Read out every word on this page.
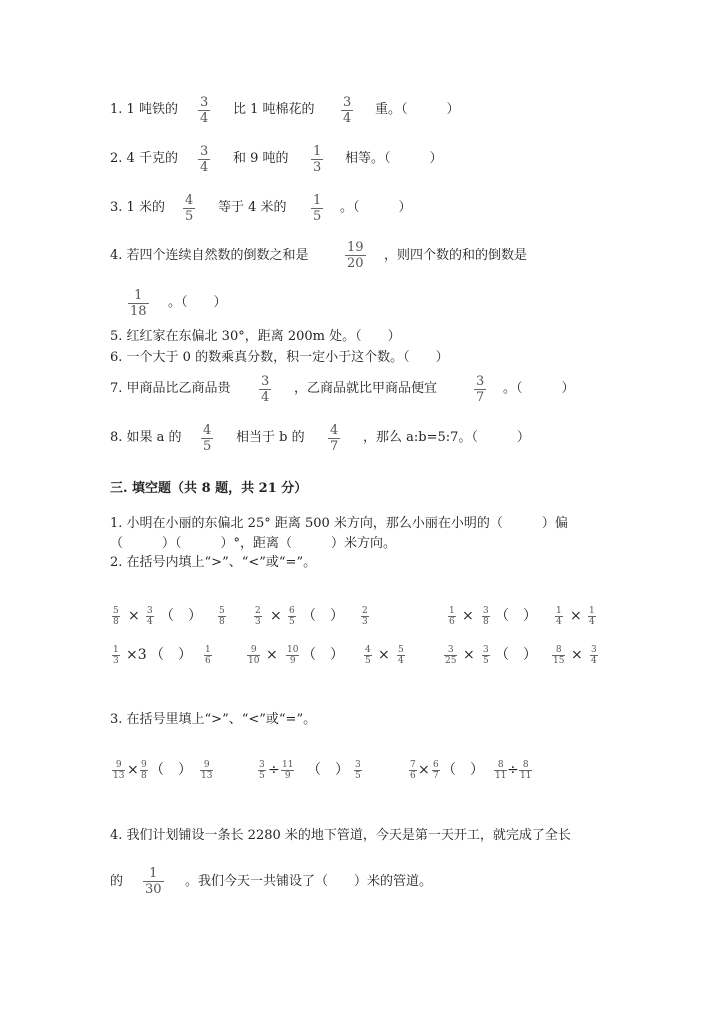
1. 1 吨铁的 3
4
比 1 吨棉花的 3
4
重。（　　　）
2. 4 千克的 3
4
和 9 吨的 1
3
相等。（　　　）
3. 1 米的 4
5
等于 4 米的 1
5
。（　　　）
4. 若四个连续自然数的倒数之和是
19
20
，则四个数的和的倒数是
1
18
。（　　）
5. 红红家在东偏北 30°，距离 200m 处。（　　）
6. 一个大于 0 的数乘真分数，积一定小于这个数。（　　）
7. 甲商品比乙商品贵 3
4
，乙商品就比甲商品便宜	3
7
。（　　　）
8. 如果 a 的 4
5
相当于 b 的 4
7
，那么 a:b=5:7。（　　　）
三. 填空题（共 8 题，共 21 分）
1. 小明在小丽的东偏北 25° 距离 500 米方向，那么小丽在小明的（　　　）偏
（　　　）（　　　）°，距离（　　　）米方向。
2. 在括号内填上“>”、“<”或“=”。
5
8 × 3
4 （　） 5
8
2
3 × 6
5 （　） 2
3
1
6 × 3
8 （　） 1
4 × 1
4
1
3 ×3 （　） 1
6
9
10 × 10
9 （　） 4
5 × 5
4
3
25 × 3
5 （　） 8
15 × 3
4
3. 在括号里填上“>”、“<”或“=”。
9
13 × 9
8 （　） 9
13
3
5 ÷ 11
9 （　） 3
5
7
6 × 6
7 （　） 8
11 ÷ 8
11
4. 我们计划铺设一条长 2280 米的地下管道，今天是第一天开工，就完成了全长
的
1
30
。我们今天一共铺设了（　　）米的管道。
